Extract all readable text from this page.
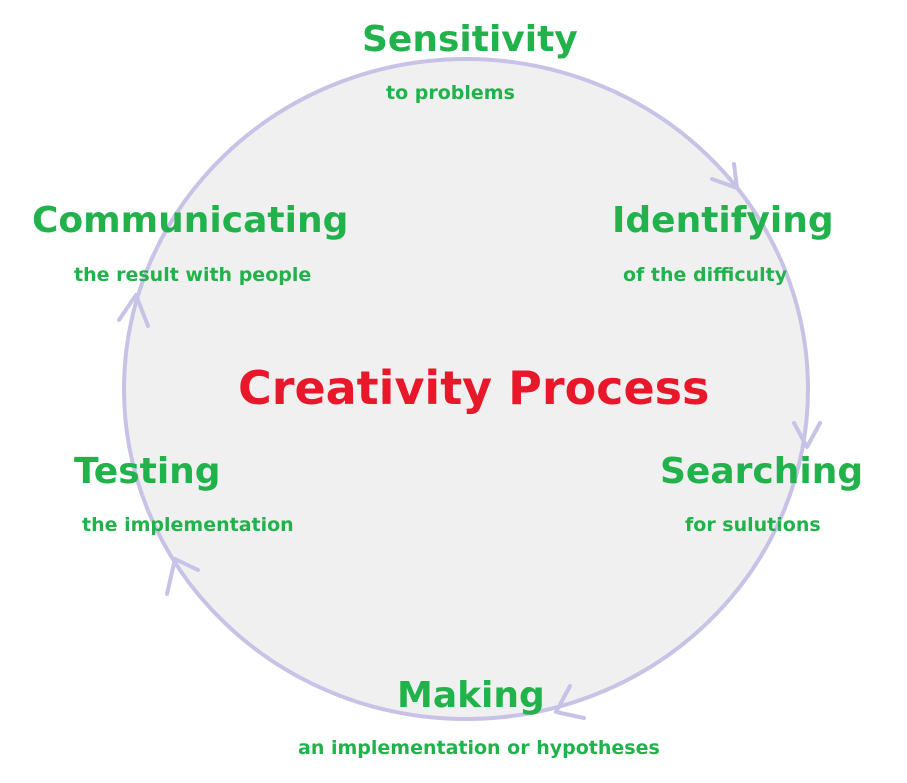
Creativity Process
Sensitivity
to problems
Identifying
of the difficulty
Searching
for sulutions
Making
an implementation or hypotheses
Testing
the implementation
Communicating
the result with people
